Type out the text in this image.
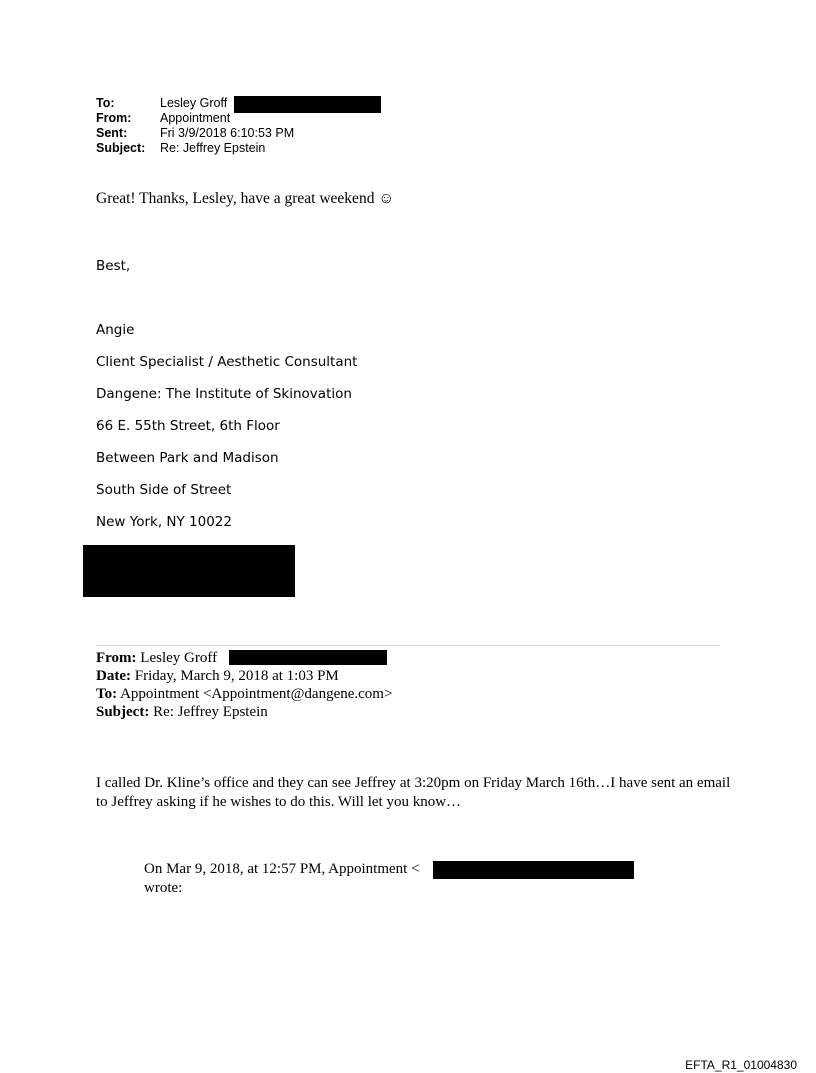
To:	Lesley Groff
From:	Appointment
Sent:	Fri 3/9/2018 6:10:53 PM
Subject:	Re: Jeffrey Epstein
Great! Thanks, Lesley, have a great weekend ☺
Best,
Angie
Client Specialist / Aesthetic Consultant
Dangene: The Institute of Skinovation
66 E. 55th Street, 6th Floor
Between Park and Madison
South Side of Street
New York, NY 10022
From: Lesley Groff
Date: Friday, March 9, 2018 at 1:03 PM
To: Appointment <Appointment@dangene.com>
Subject: Re: Jeffrey Epstein
I called Dr. Kline’s office and they can see Jeffrey at 3:20pm on Friday March 16th…I have sent an email to Jeffrey asking if he wishes to do this. Will let you know…
On Mar 9, 2018, at 12:57 PM, Appointment <
wrote:
EFTA_R1_01004830
